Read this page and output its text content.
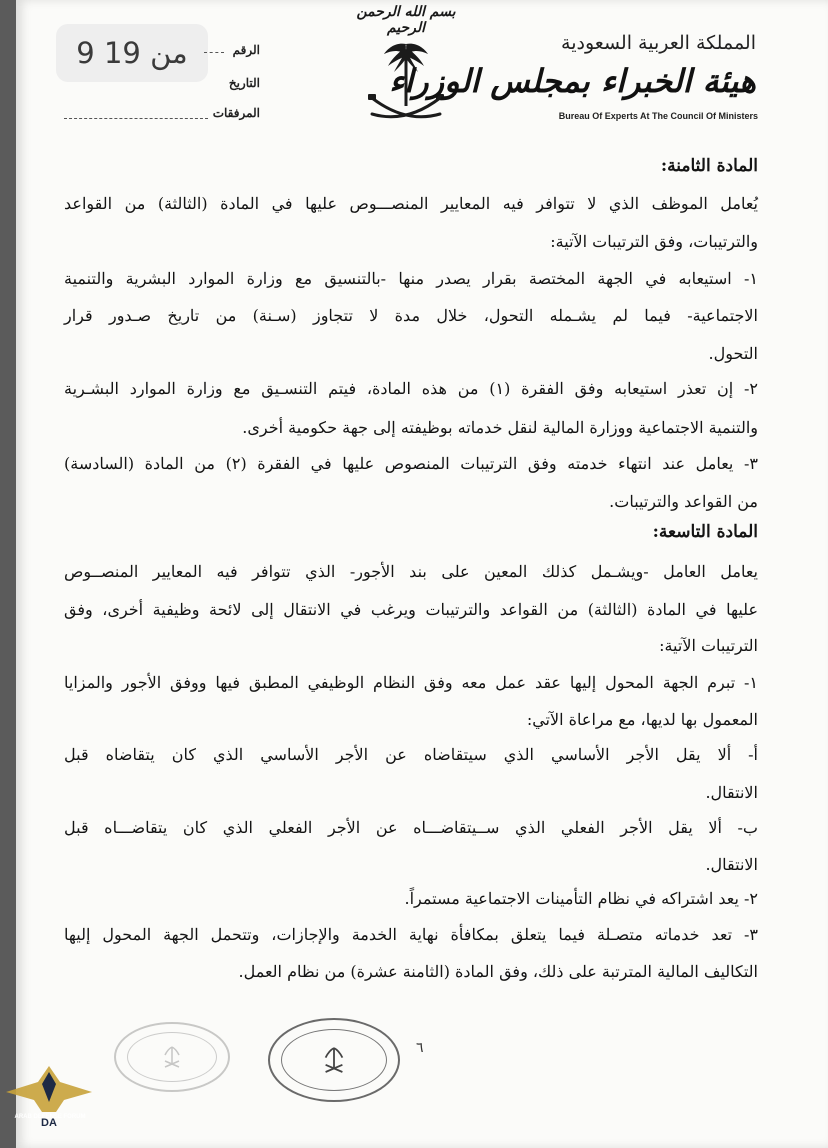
9 من 19	الرقم
التاريخ
المرفقات
بسم الله الرحمن الرحيم
المملكة العربية السعودية
هيئة الخبراء بمجلس الوزراء
Bureau Of Experts At The Council Of Ministers
المادة الثامنة:
يُعامل الموظف الذي لا تتوافر فيه المعايير المنصـــوص عليها في المادة (الثالثة) من القواعد
والترتيبات، وفق الترتيبات الآتية:
١- استيعابه في الجهة المختصة بقرار يصدر منها -بالتنسيق مع وزارة الموارد البشرية والتنمية
الاجتماعية- فيما لم يشـمله التحول، خلال مدة لا تتجاوز (سـنة) من تاريخ صـدور قرار
التحول.
٢- إن تعذر استيعابه وفق الفقرة (١) من هذه المادة، فيتم التنسـيق مع وزارة الموارد البشـرية
والتنمية الاجتماعية ووزارة المالية لنقل خدماته بوظيفته إلى جهة حكومية أخرى.
٣- يعامل عند انتهاء خدمته وفق الترتيبات المنصوص عليها في الفقرة (٢) من المادة (السادسة)
من القواعد والترتيبات.
المادة التاسعة:
يعامل العامل -ويشـمل كذلك المعين على بند الأجور- الذي تتوافر فيه المعايير المنصــوص
عليها في المادة (الثالثة) من القواعد والترتيبات ويرغب في الانتقال إلى لائحة وظيفية أخرى، وفق
الترتيبات الآتية:
١- تبرم الجهة المحول إليها عقد عمل معه وفق النظام الوظيفي المطبق فيها ووفق الأجور والمزايا
المعمول بها لديها، مع مراعاة الآتي:
أ- ألا يقل الأجر الأساسي الذي سيتقاضاه عن الأجر الأساسي الذي كان يتقاضاه قبل
الانتقال.
ب- ألا يقل الأجر الفعلي الذي ســيتقاضـــاه عن الأجر الفعلي الذي كان يتقاضـــاه قبل
الانتقال.
٢- يعد اشتراكه في نظام التأمينات الاجتماعية مستمراً.
٣- تعد خدماته متصـلة فيما يتعلق بمكافأة نهاية الخدمة والإجازات، وتتحمل الجهة المحول إليها
التكاليف المالية المترتبة على ذلك، وفق المادة (الثامنة عشرة) من نظام العمل.
٦
DA
ARAB DEFENSE FORUM
